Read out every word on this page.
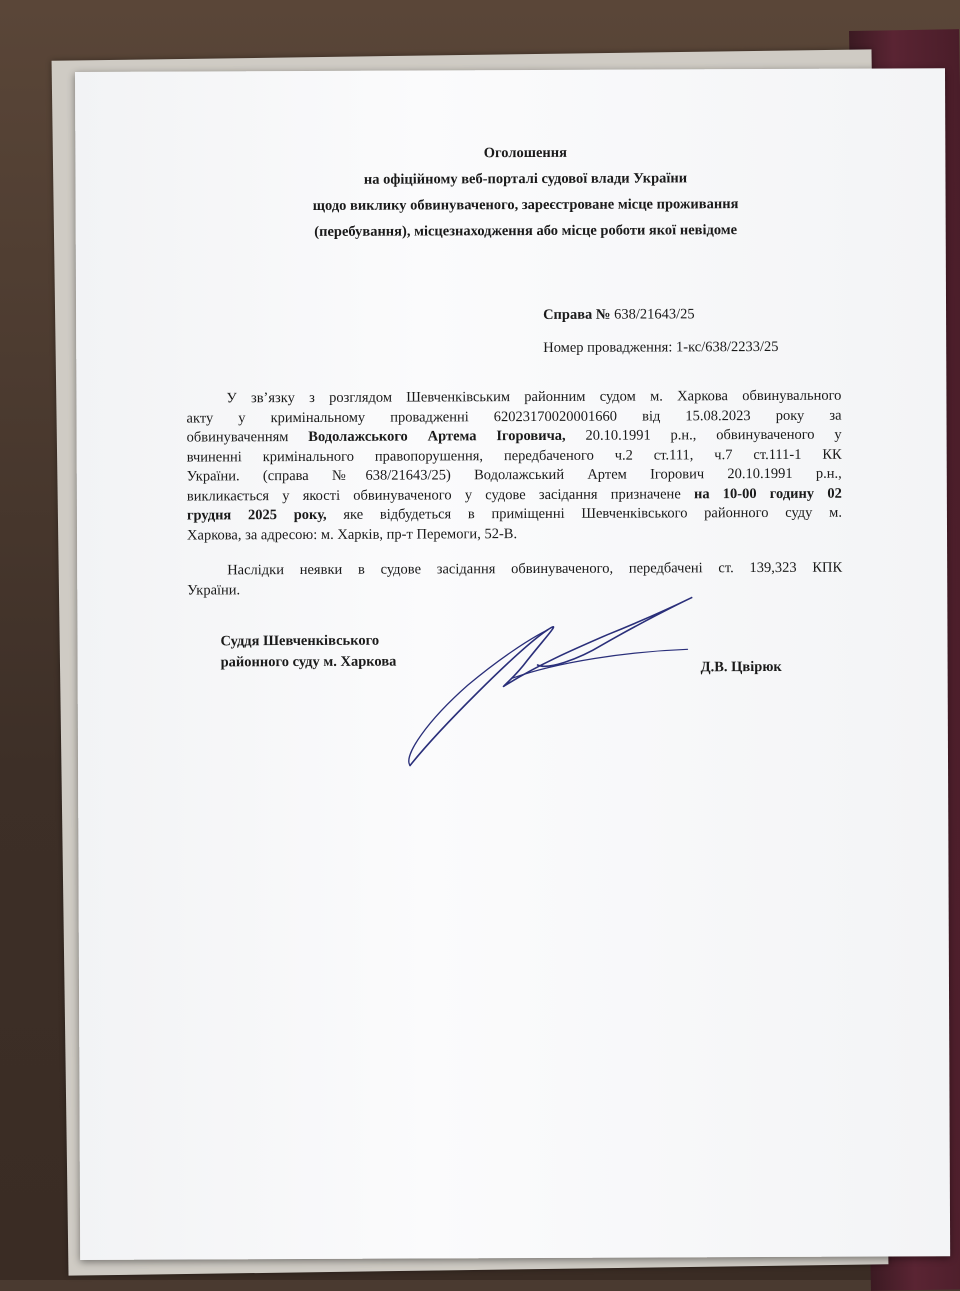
Оголошення
на офіційному веб-порталі судової влади України
щодо виклику обвинуваченого, зареєстроване місце проживання
(перебування), місцезнаходження або місце роботи якої невідоме
Справа № 638/21643/25
Номер провадження: 1-кс/638/2233/25
У зв’язку з розглядом Шевченківським районним судом м. Харкова обвинувального
акту у кримінальному провадженні 62023170020001660 від 15.08.2023 року за
обвинуваченням Водолажського Артема Ігоровича, 20.10.1991 р.н., обвинуваченого у
вчиненні кримінального правопорушення, передбаченого ч.2 ст.111, ч.7 ст.111-1 КК
України. (справа №638/21643/25) Водолажський Артем Ігорович 20.10.1991 р.н.,
викликається у якості обвинуваченого у судове засідання призначене на 10-00 годину 02
грудня 2025 року, яке відбудеться в приміщенні Шевченківського районного суду м.
Харкова, за адресою: м. Харків, пр-т Перемоги, 52-В.
Наслідки неявки в судове засідання обвинуваченого, передбачені ст. 139,323 КПК
України.
Суддя Шевченківського
районного суду м. Харкова	Д.В. Цвірюк
